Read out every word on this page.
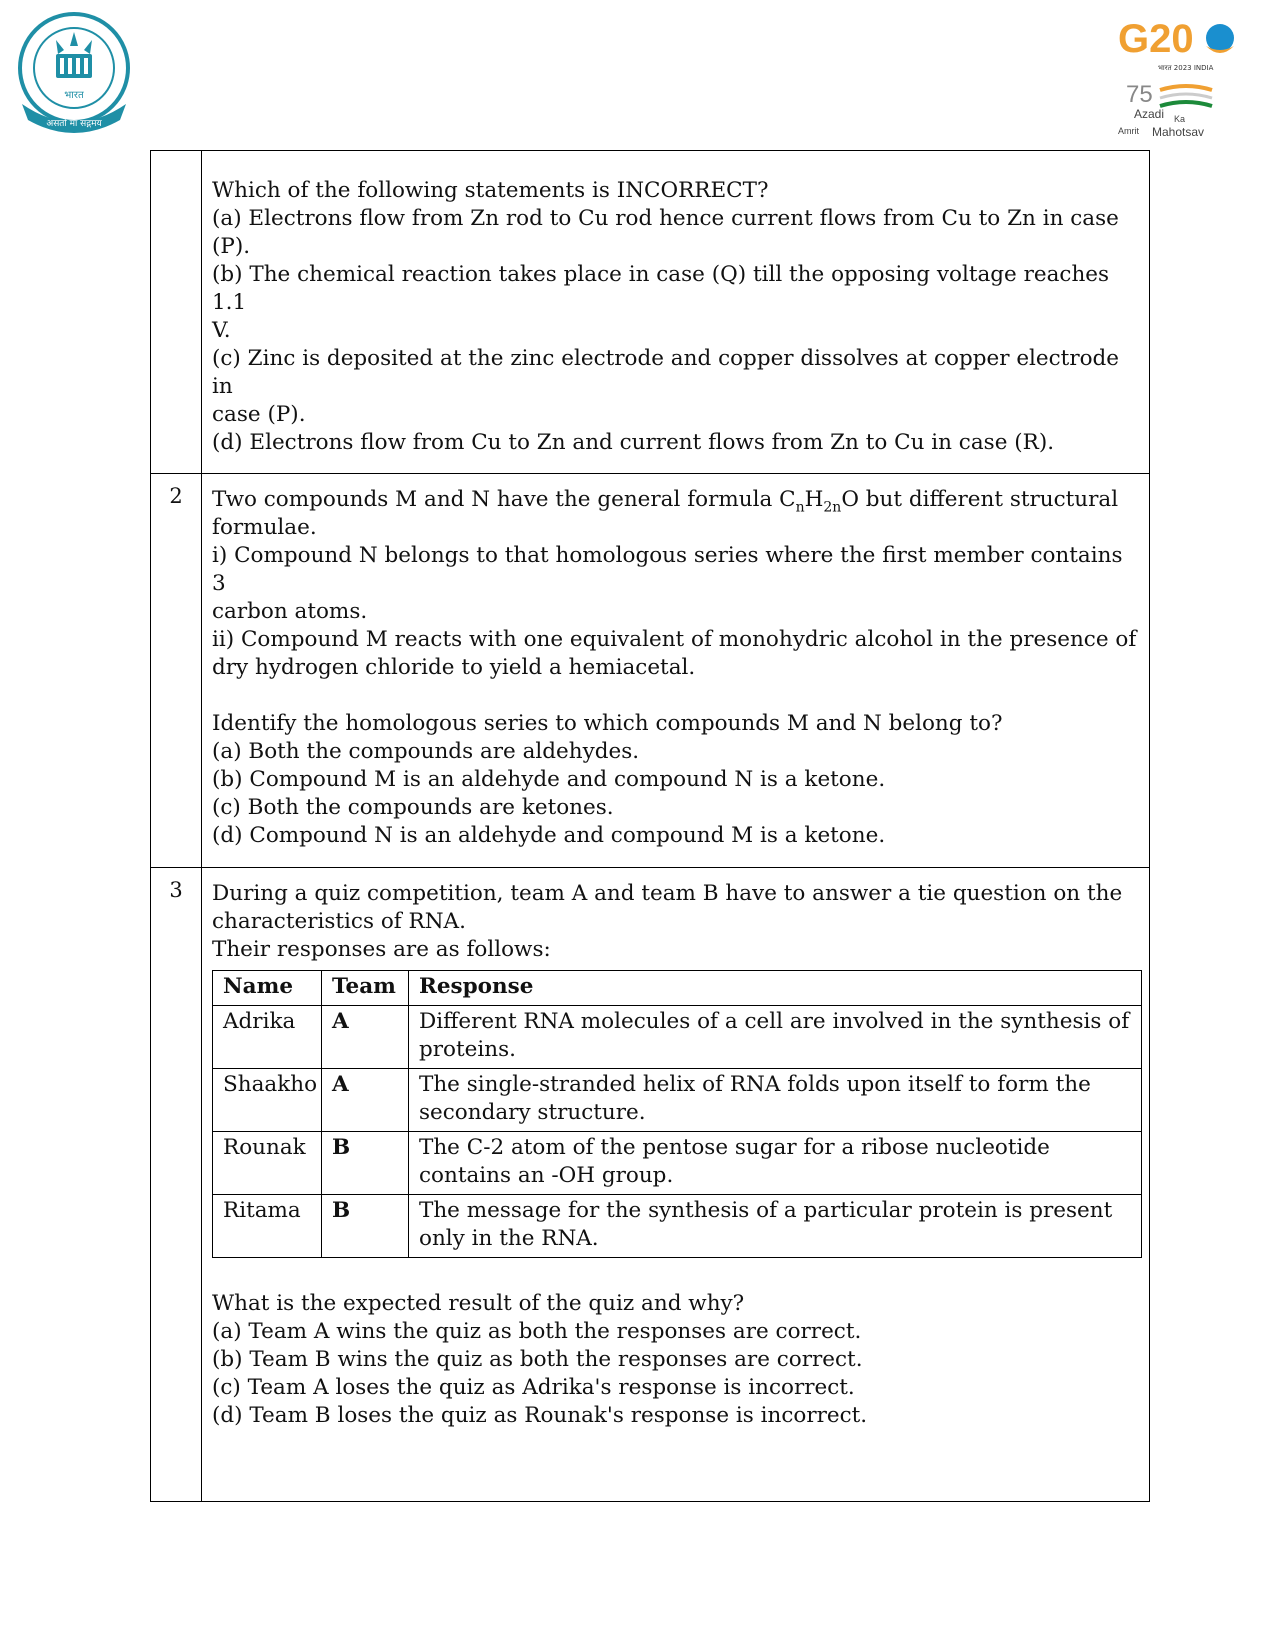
भारत
असतो मा सद्गमय
G20
भारत 2023 INDIA
75
Azadi Ka
Amrit Mahotsav

Which of the following statements is INCORRECT?
(a) Electrons flow from Zn rod to Cu rod hence current flows from Cu to Zn in case (P).
(b) The chemical reaction takes place in case (Q) till the opposing voltage reaches 1.1
V.
(c) Zinc is deposited at the zinc electrode and copper dissolves at copper electrode in
case (P).
(d) Electrons flow from Cu to Zn and current flows from Zn to Cu in case (R).

2	Two compounds M and N have the general formula $C_nH_{2n}O$ but different structural
formulae.
i) Compound N belongs to that homologous series where the first member contains 3
carbon atoms.
ii) Compound M reacts with one equivalent of monohydric alcohol in the presence of
dry hydrogen chloride to yield a hemiacetal.
Identify the homologous series to which compounds M and N belong to?
(a) Both the compounds are aldehydes.
(b) Compound M is an aldehyde and compound N is a ketone.
(c) Both the compounds are ketones.
(d) Compound N is an aldehyde and compound M is a ketone.

3	During a quiz competition, team A and team B have to answer a tie question on the
characteristics of RNA.
Their responses are as follows:
Name	Team	Response
Adrika	A	Different RNA molecules of a cell are involved in the synthesis of
proteins.

Shaakho	A	The single-stranded helix of RNA folds upon itself to form the
secondary structure.

Rounak	B	The C-2 atom of the pentose sugar for a ribose nucleotide
contains an -OH group.

Ritama	B	The message for the synthesis of a particular protein is present
only in the RNA.
What is the expected result of the quiz and why?
(a) Team A wins the quiz as both the responses are correct.
(b) Team B wins the quiz as both the responses are correct.
(c) Team A loses the quiz as Adrika's response is incorrect.
(d) Team B loses the quiz as Rounak's response is incorrect.
